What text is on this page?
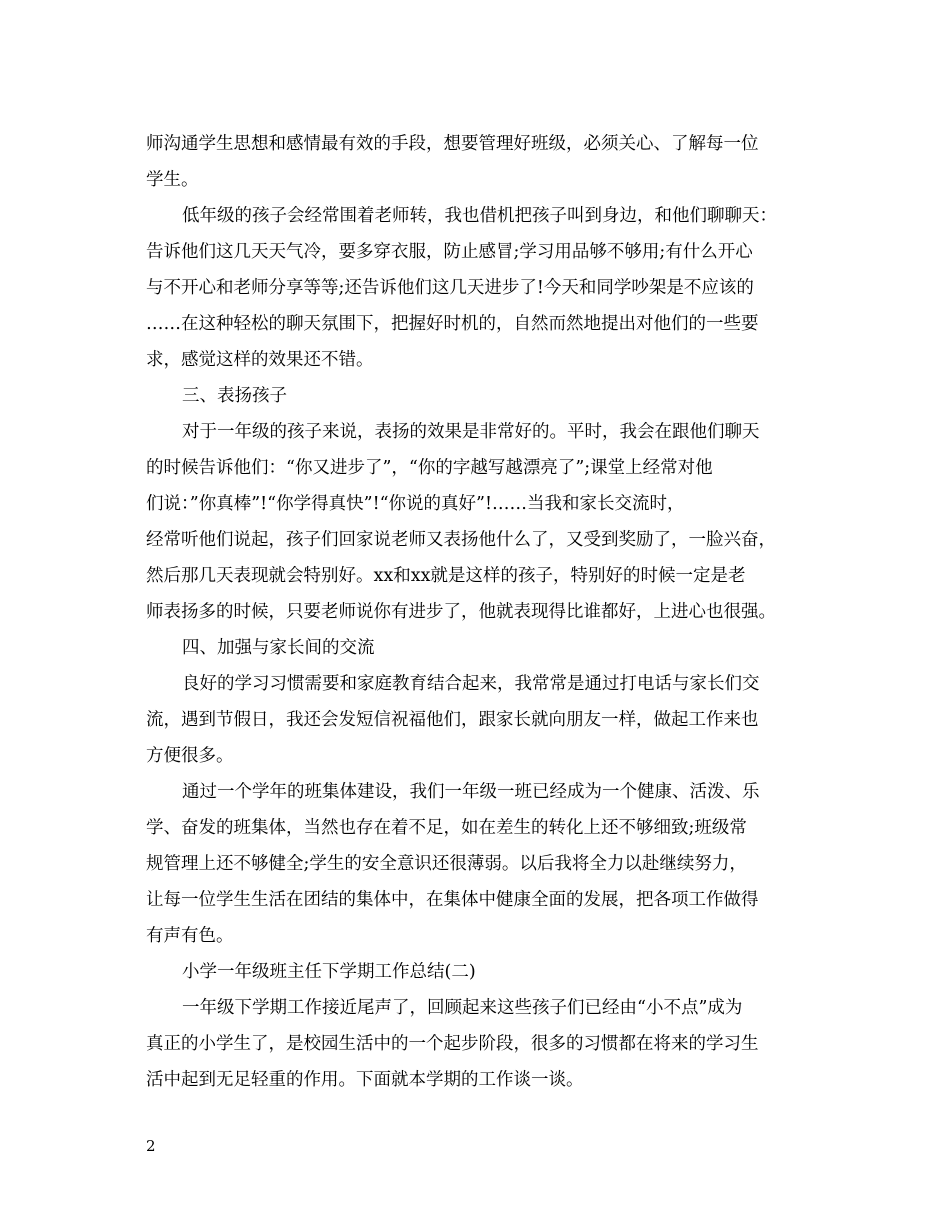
师沟通学生思想和感情最有效的手段，想要管理好班级，必须关心、了解每一位
学生。
低年级的孩子会经常围着老师转，我也借机把孩子叫到身边，和他们聊聊天：
告诉他们这几天天气冷，要多穿衣服，防止感冒;学习用品够不够用;有什么开心
与不开心和老师分享等等;还告诉他们这几天进步了!今天和同学吵架是不应该的
……在这种轻松的聊天氛围下，把握好时机的，自然而然地提出对他们的一些要
求，感觉这样的效果还不错。
三、表扬孩子
对于一年级的孩子来说，表扬的效果是非常好的。平时，我会在跟他们聊天
的时候告诉他们：“你又进步了”，“你的字越写越漂亮了”;课堂上经常对他
们说：”你真棒”!“你学得真快”!“你说的真好”!……当我和家长交流时，
经常听他们说起，孩子们回家说老师又表扬他什么了，又受到奖励了，一脸兴奋，
然后那几天表现就会特别好。xx和xx就是这样的孩子，特别好的时候一定是老
师表扬多的时候，只要老师说你有进步了，他就表现得比谁都好，上进心也很强。
四、加强与家长间的交流
良好的学习习惯需要和家庭教育结合起来，我常常是通过打电话与家长们交
流，遇到节假日，我还会发短信祝福他们，跟家长就向朋友一样，做起工作来也
方便很多。
通过一个学年的班集体建设，我们一年级一班已经成为一个健康、活泼、乐
学、奋发的班集体，当然也存在着不足，如在差生的转化上还不够细致;班级常
规管理上还不够健全;学生的安全意识还很薄弱。以后我将全力以赴继续努力，
让每一位学生生活在团结的集体中，在集体中健康全面的发展，把各项工作做得
有声有色。
小学一年级班主任下学期工作总结(二)
一年级下学期工作接近尾声了，回顾起来这些孩子们已经由“小不点”成为
真正的小学生了，是校园生活中的一个起步阶段，很多的习惯都在将来的学习生
活中起到无足轻重的作用。下面就本学期的工作谈一谈。
2
